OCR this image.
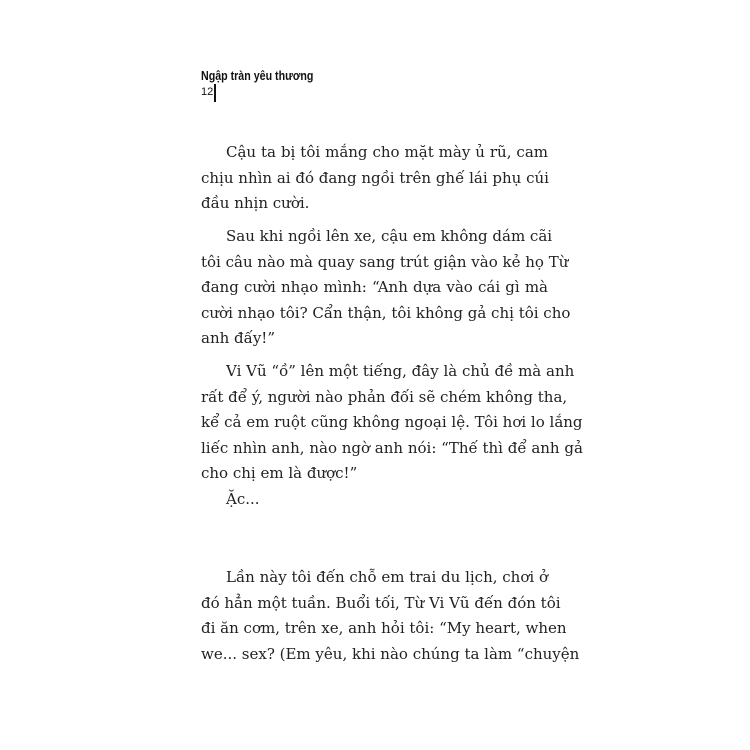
Ngập tràn yêu thương
12
Cậu ta bị tôi mắng cho mặt mày ủ rũ, cam
chịu nhìn ai đó đang ngồi trên ghế lái phụ cúi
đầu nhịn cười.
Sau khi ngồi lên xe, cậu em không dám cãi
tôi câu nào mà quay sang trút giận vào kẻ họ Từ
đang cười nhạo mình: “Anh dựa vào cái gì mà
cười nhạo tôi? Cẩn thận, tôi không gả chị tôi cho
anh đấy!”
Vi Vũ “ồ” lên một tiếng, đây là chủ đề mà anh
rất để ý, người nào phản đối sẽ chém không tha,
kể cả em ruột cũng không ngoại lệ. Tôi hơi lo lắng
liếc nhìn anh, nào ngờ anh nói: “Thế thì để anh gả
cho chị em là được!”
Ặc...
Lần này tôi đến chỗ em trai du lịch, chơi ở
đó hẳn một tuần. Buổi tối, Từ Vi Vũ đến đón tôi
đi ăn cơm, trên xe, anh hỏi tôi: “My heart, when
we... sex? (Em yêu, khi nào chúng ta làm “chuyện
